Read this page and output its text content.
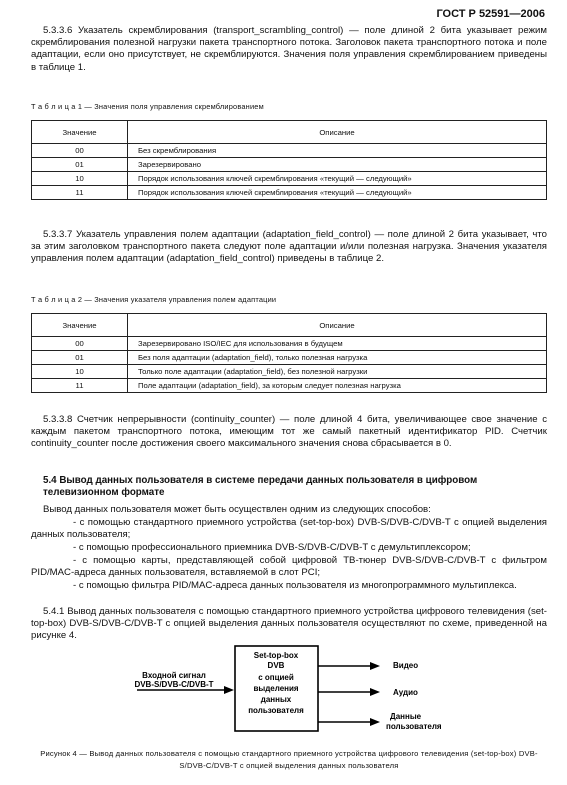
ГОСТ Р 52591—2006
5.3.3.6 Указатель скремблирования (transport_scrambling_control) — поле длиной 2 бита указывает режим скремблирования полезной нагрузки пакета транспортного потока. Заголовок пакета транспортного потока и поле адаптации, если оно присутствует, не скремблируются. Значения поля управления скремблированием приведены в таблице 1.
Т а б л и ц а 1 — Значения поля управления скремблированием
Значение	Описание
00	Без скремблирования
01	Зарезервировано
10	Порядок использования ключей скремблирования «текущий — следующий»
11	Порядок использования ключей скремблирования «текущий — следующий»
5.3.3.7 Указатель управления полем адаптации (adaptation_field_control) — поле длиной 2 бита указывает, что за этим заголовком транспортного пакета следуют поле адаптации и/или полезная нагрузка. Значения указателя управления полем адаптации (adaptation_field_control) приведены в таблице 2.
Т а б л и ц а 2 — Значения указателя управления полем адаптации
Значение	Описание
00	Зарезервировано ISO/IEC для использования в будущем
01	Без поля адаптации (adaptation_field), только полезная нагрузка
10	Только поле адаптации (adaptation_field), без полезной нагрузки
11	Поле адаптации (adaptation_field), за которым следует полезная нагрузка
5.3.3.8 Счетчик непрерывности (continuity_counter) — поле длиной 4 бита, увеличивающее свое значение с каждым пакетом транспортного потока, имеющим тот же самый пакетный идентификатор PID. Счетчик continuity_counter после достижения своего максимального значения снова сбрасывается в 0.
5.4 Вывод данных пользователя в системе передачи данных пользователя в цифровом телевизионном формате
Вывод данных пользователя может быть осуществлен одним из следующих способов:
- с помощью стандартного приемного устройства (set-top-box) DVB-S/DVB-C/DVB-T с опцией выделения данных пользователя;
- с помощью профессионального приемника DVB-S/DVB-C/DVB-T с демультиплексором;
- с помощью карты, представляющей собой цифровой ТВ-тюнер DVB-S/DVB-C/DVB-T с фильтром PID/MAC-адреса данных пользователя, вставляемой в слот PCI;
- с помощью фильтра PID/MAC-адреса данных пользователя из многопрограммного мультиплекса.
5.4.1 Вывод данных пользователя с помощью стандартного приемного устройства цифрового телевидения (set-top-box) DVB-S/DVB-C/DVB-T с опцией выделения данных пользователя осуществляют по схеме, приведенной на рисунке 4.
Входной сигнал
DVB-S/DVB-C/DVB-T
Set-top-box
DVB
с опцией
выделения
данных
пользователя
Видео
Аудио
Данные
пользователя
Рисунок 4 — Вывод данных пользователя с помощью стандартного приемного устройства цифрового телевидения (set-top-box) DVB-S/DVB-C/DVB-T с опцией выделения данных пользователя
